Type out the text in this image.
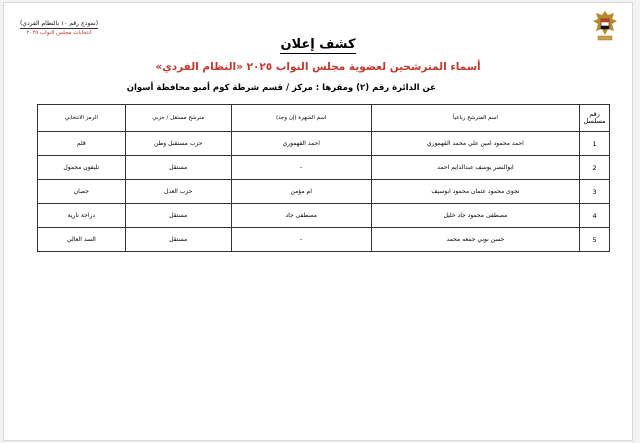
(نموذج رقم ١٠ بالنظام الفردي)
انتخابات مجلس النواب ٢٠٢٥
كشف إعلان
أسماء المترشحين لعضوية مجلس النواب ٢٠٢٥ «النظام الفردي»
عن الدائرة رقم (٢) ومقرها : مركز / قسم شرطة كوم أمبو محافظة أسوان
رقم مسلسل	اسم المترشح رباعياً	اسم الشهرة (إن وجد)	مترشح مستقل / حزبي	الرمز الانتخابي
1	احمد محمود امين علي محمد القهموري	احمد القهموري	حزب مستقبل وطن	قلم
2	ابوالنصر يوسف عبدالدايم احمد	-	مستقل	تليفون محمول
3	نجوى محمود عثمان محمود ابوسيف	ام مؤمن	حزب العدل	حصان
4	مصطفى محمود جاد خليل	مصطفى جاد	مستقل	دراجة نارية
5	حسن نوبي جمعه محمد	-	مستقل	السد العالي
